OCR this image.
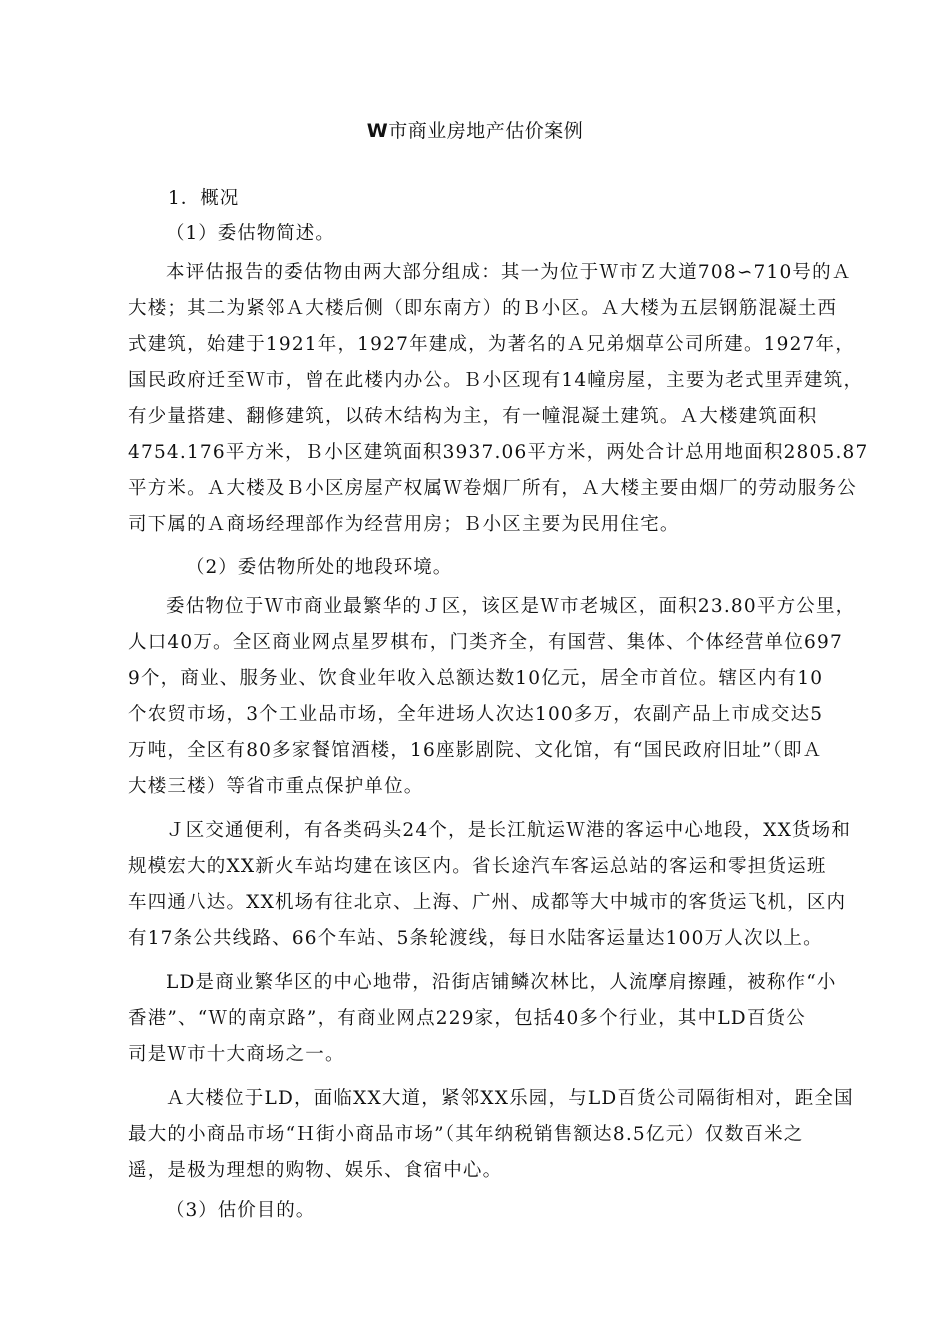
W市商业房地产估价案例
1．概况
（1）委估物简述。
本评估报告的委估物由两大部分组成：其一为位于Ｗ市Ｚ大道708∽710号的Ａ
大楼；其二为紧邻Ａ大楼后侧（即东南方）的Ｂ小区。Ａ大楼为五层钢筋混凝土西
式建筑，始建于1921年，1927年建成，为著名的Ａ兄弟烟草公司所建。1927年，
国民政府迁至Ｗ市，曾在此楼内办公。Ｂ小区现有14幢房屋，主要为老式里弄建筑，
有少量搭建、翻修建筑，以砖木结构为主，有一幢混凝土建筑。Ａ大楼建筑面积
4754.176平方米，Ｂ小区建筑面积3937.06平方米，两处合计总用地面积2805.87
平方米。Ａ大楼及Ｂ小区房屋产权属Ｗ卷烟厂所有，Ａ大楼主要由烟厂的劳动服务公
司下属的Ａ商场经理部作为经营用房；Ｂ小区主要为民用住宅。
（2）委估物所处的地段环境。
委估物位于Ｗ市商业最繁华的Ｊ区，该区是Ｗ市老城区，面积23.80平方公里，
人口40万。全区商业网点星罗棋布，门类齐全，有国营、集体、个体经营单位697
9个，商业、服务业、饮食业年收入总额达数10亿元，居全市首位。辖区内有10
个农贸市场，3个工业品市场，全年进场人次达100多万，农副产品上市成交达5
万吨，全区有80多家餐馆酒楼，16座影剧院、文化馆，有“国民政府旧址”（即Ａ
大楼三楼）等省市重点保护单位。
Ｊ区交通便利，有各类码头24个，是长江航运Ｗ港的客运中心地段，XX货场和
规模宏大的XX新火车站均建在该区内。省长途汽车客运总站的客运和零担货运班
车四通八达。XX机场有往北京、上海、广州、成都等大中城市的客货运飞机，区内
有17条公共线路、66个车站、5条轮渡线，每日水陆客运量达100万人次以上。
LD是商业繁华区的中心地带，沿街店铺鳞次林比，人流摩肩擦踵，被称作“小
香港”、“Ｗ的南京路”，有商业网点229家，包括40多个行业，其中LD百货公
司是Ｗ市十大商场之一。
Ａ大楼位于LD，面临XX大道，紧邻XX乐园，与LD百货公司隔街相对，距全国
最大的小商品市场“Ｈ街小商品市场”（其年纳税销售额达8.5亿元）仅数百米之
遥，是极为理想的购物、娱乐、食宿中心。
（3）估价目的。
